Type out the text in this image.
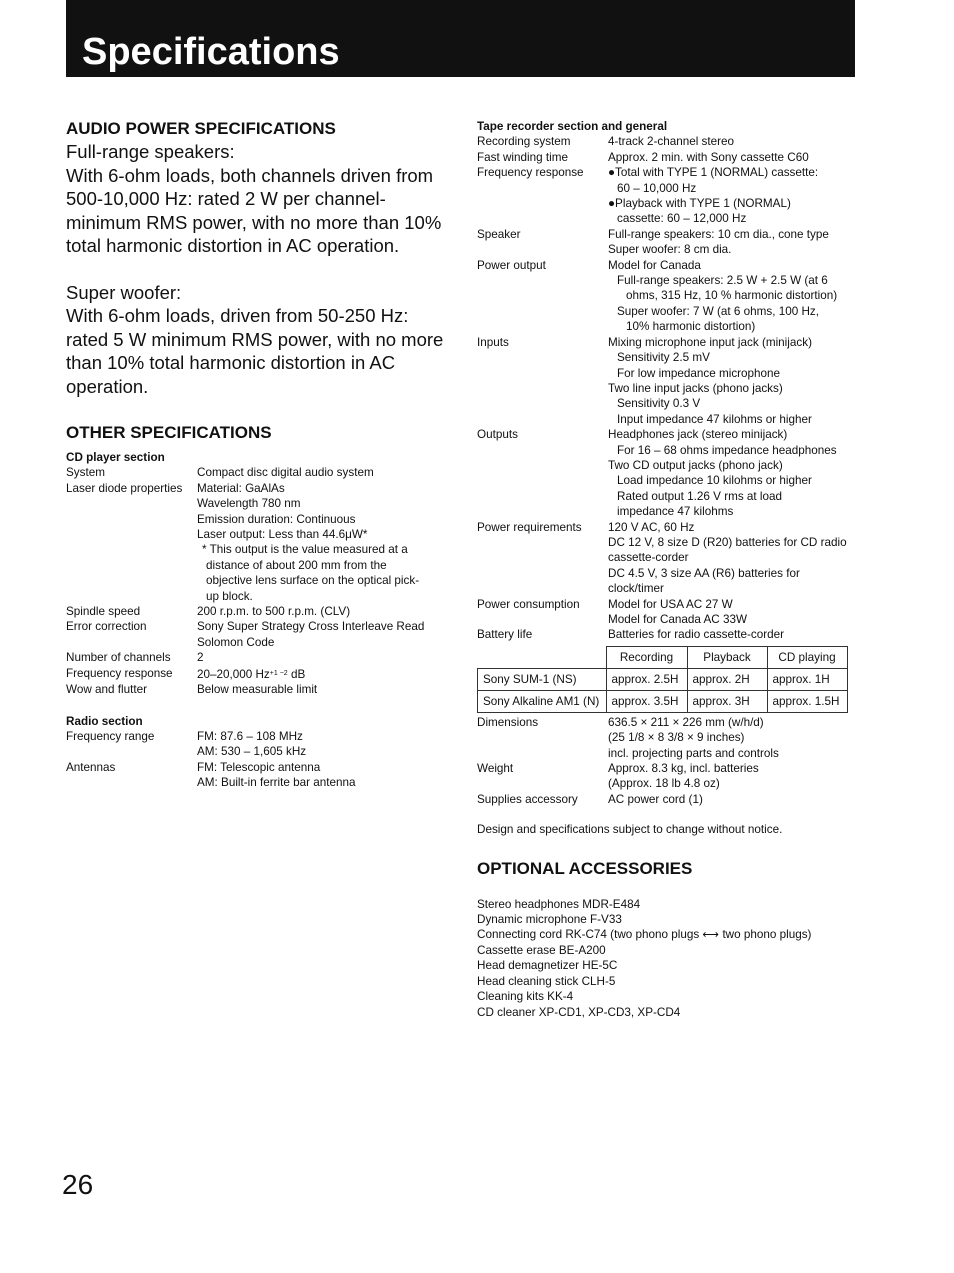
Specifications
AUDIO POWER SPECIFICATIONS

Full-range speakers:

With 6-ohm loads, both channels driven from 500-10,000 Hz: rated 2 W per channel-minimum RMS power, with no more than 10% total harmonic distortion in AC operation.

Super woofer:

With 6-ohm loads, driven from 50-250 Hz: rated 5 W minimum RMS power, with no more than 10% total harmonic distortion in AC operation.

OTHER SPECIFICATIONS
CD player section
System	Compact disc digital audio system
Laser diode properties	Material: GaAlAs
Wavelength 780 nm
Emission duration: Continuous
Laser output: Less than 44.6μW*
* This output is the value measured at a distance of about 200 mm from the objective lens surface on the optical pick-up block.
Spindle speed	200 r.p.m. to 500 r.p.m. (CLV)
Error correction	Sony Super Strategy Cross Interleave Read Solomon Code
Number of channels	2
Frequency response	20–20,000 $Hz^{+1 -2}$ dB
Wow and flutter	Below measurable limit
Radio section
Frequency range	FM: 87.6 – 108 MHz
AM: 530 – 1,605 kHz
Antennas	FM: Telescopic antenna
AM: Built-in ferrite bar antenna
Tape recorder section and general
Recording system	4-track 2-channel stereo
Fast winding time	Approx. 2 min. with Sony cassette C60
Frequency response	●Total with TYPE 1 (NORMAL) cassette:
60 – 10,000 Hz
●Playback with TYPE 1 (NORMAL)
cassette: 60 – 12,000 Hz
Speaker	Full-range speakers: 10 cm dia., cone type
Super woofer: 8 cm dia.
Power output	Model for Canada
Full-range speakers: 2.5 W + 2.5 W (at 6
ohms, 315 Hz, 10 % harmonic distortion)
Super woofer: 7 W (at 6 ohms, 100 Hz,
10% harmonic distortion)
Inputs	Mixing microphone input jack (minijack)
Sensitivity 2.5 mV
For low impedance microphone
Two line input jacks (phono jacks)
Sensitivity 0.3 V
Input impedance 47 kilohms or higher
Outputs	Headphones jack (stereo minijack)
For 16 – 68 ohms impedance headphones
Two CD output jacks (phono jack)
Load impedance 10 kilohms or higher
Rated output 1.26 V rms at load
impedance 47 kilohms
Power requirements	120 V AC, 60 Hz
DC 12 V, 8 size D (R20) batteries for CD radio
cassette-corder
DC 4.5 V, 3 size AA (R6) batteries for
clock/timer
Power consumption	Model for USA AC 27 W
Model for Canada AC 33W
Battery life	Batteries for radio cassette-corder
	Recording	Playback	CD playing
Sony SUM-1 (NS)	approx. 2.5H	approx. 2H	approx. 1H
Sony Alkaline AM1 (N)	approx. 3.5H	approx. 3H	approx. 1.5H
Dimensions	636.5 × 211 × 226 mm (w/h/d)
(25 1/8 × 8 3/8 × 9 inches)
incl. projecting parts and controls
Weight	Approx. 8.3 kg, incl. batteries
(Approx. 18 lb 4.8 oz)
Supplies accessory	AC power cord (1)
Design and specifications subject to change without notice.
OPTIONAL ACCESSORIES
Stereo headphones MDR-E484
Dynamic microphone F-V33
Connecting cord RK-C74 (two phono plugs ⟷ two phono plugs)
Cassette erase BE-A200
Head demagnetizer HE-5C
Head cleaning stick CLH-5
Cleaning kits KK-4
CD cleaner XP-CD1, XP-CD3, XP-CD4
26
